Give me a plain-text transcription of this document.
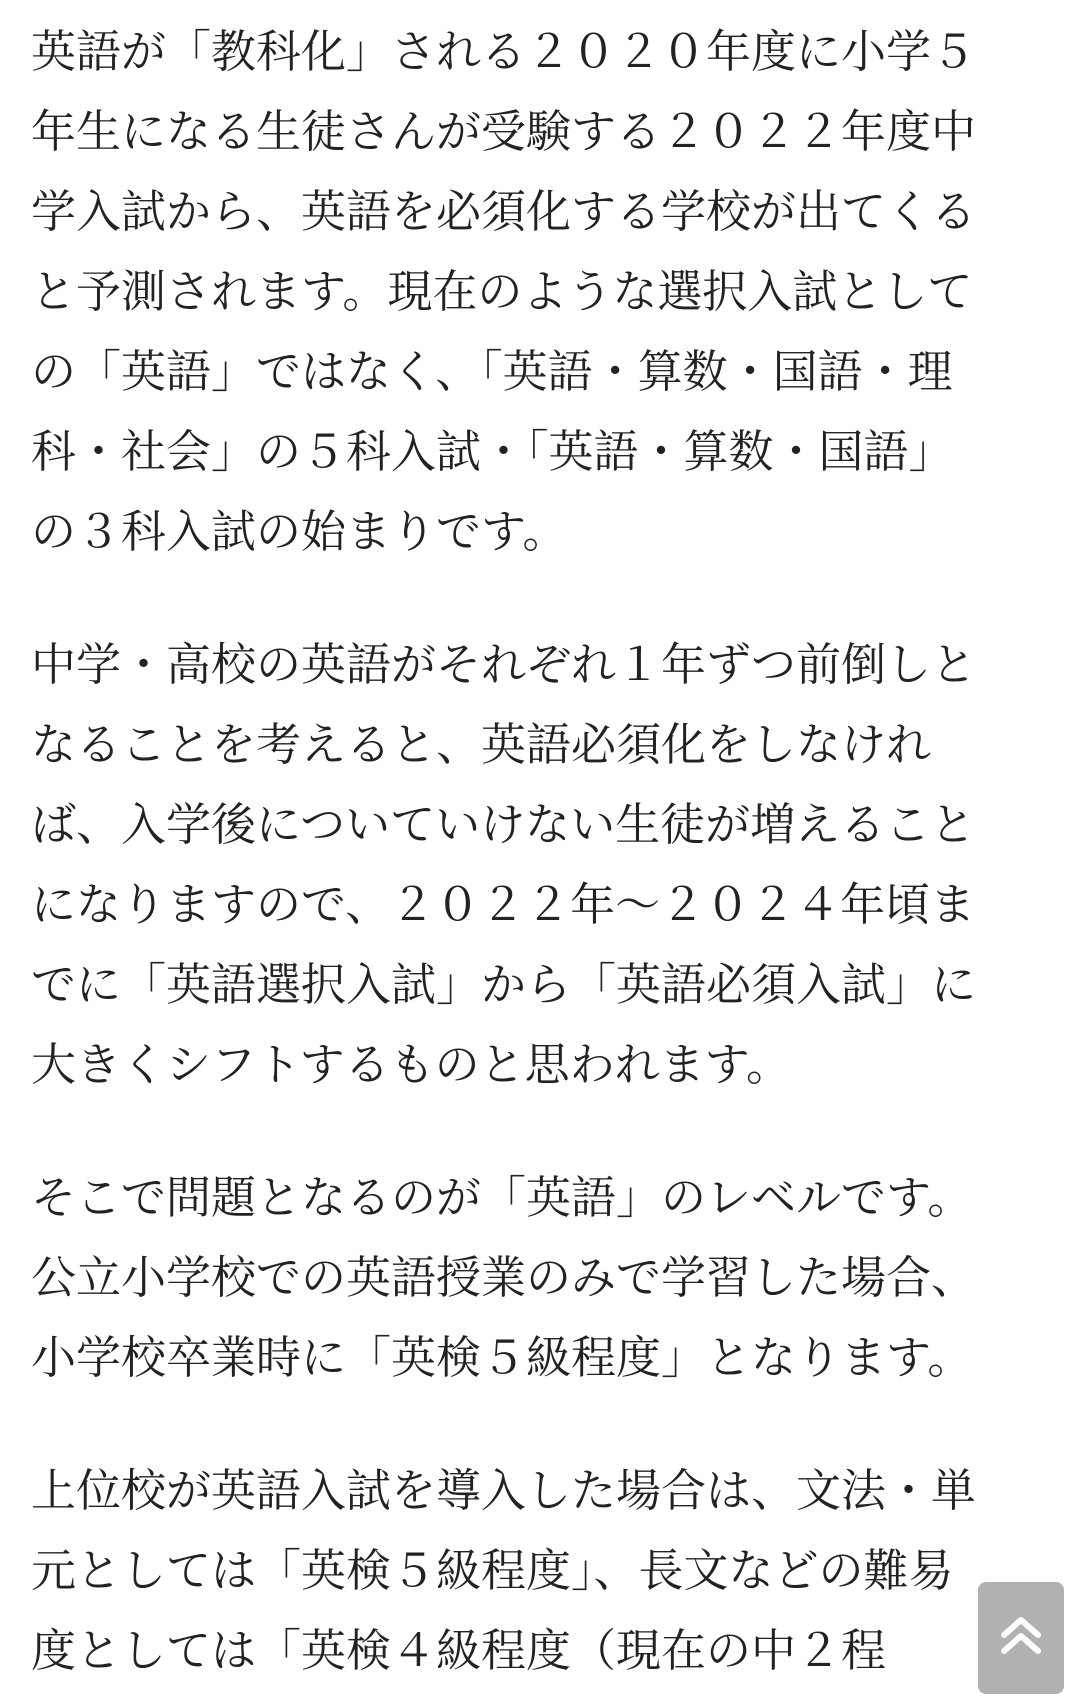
英語が「教科化」される２０２０年度に小学５
年生になる生徒さんが受験する２０２２年度中
学入試から、英語を必須化する学校が出てくる
と予測されます。現在のような選択入試として
の「英語」ではなく、「英語・算数・国語・理
科・社会」の５科入試・「英語・算数・国語」
の３科入試の始まりです。
中学・高校の英語がそれぞれ１年ずつ前倒しと
なることを考えると、英語必須化をしなけれ
ば、入学後についていけない生徒が増えること
になりますので、２０２２年～２０２４年頃ま
でに「英語選択入試」から「英語必須入試」に
大きくシフトするものと思われます。
そこで問題となるのが「英語」のレベルです。
公立小学校での英語授業のみで学習した場合、
小学校卒業時に「英検５級程度」となります。
上位校が英語入試を導入した場合は、文法・単
元としては「英検５級程度」、長文などの難易
度としては「英検４級程度（現在の中２程
